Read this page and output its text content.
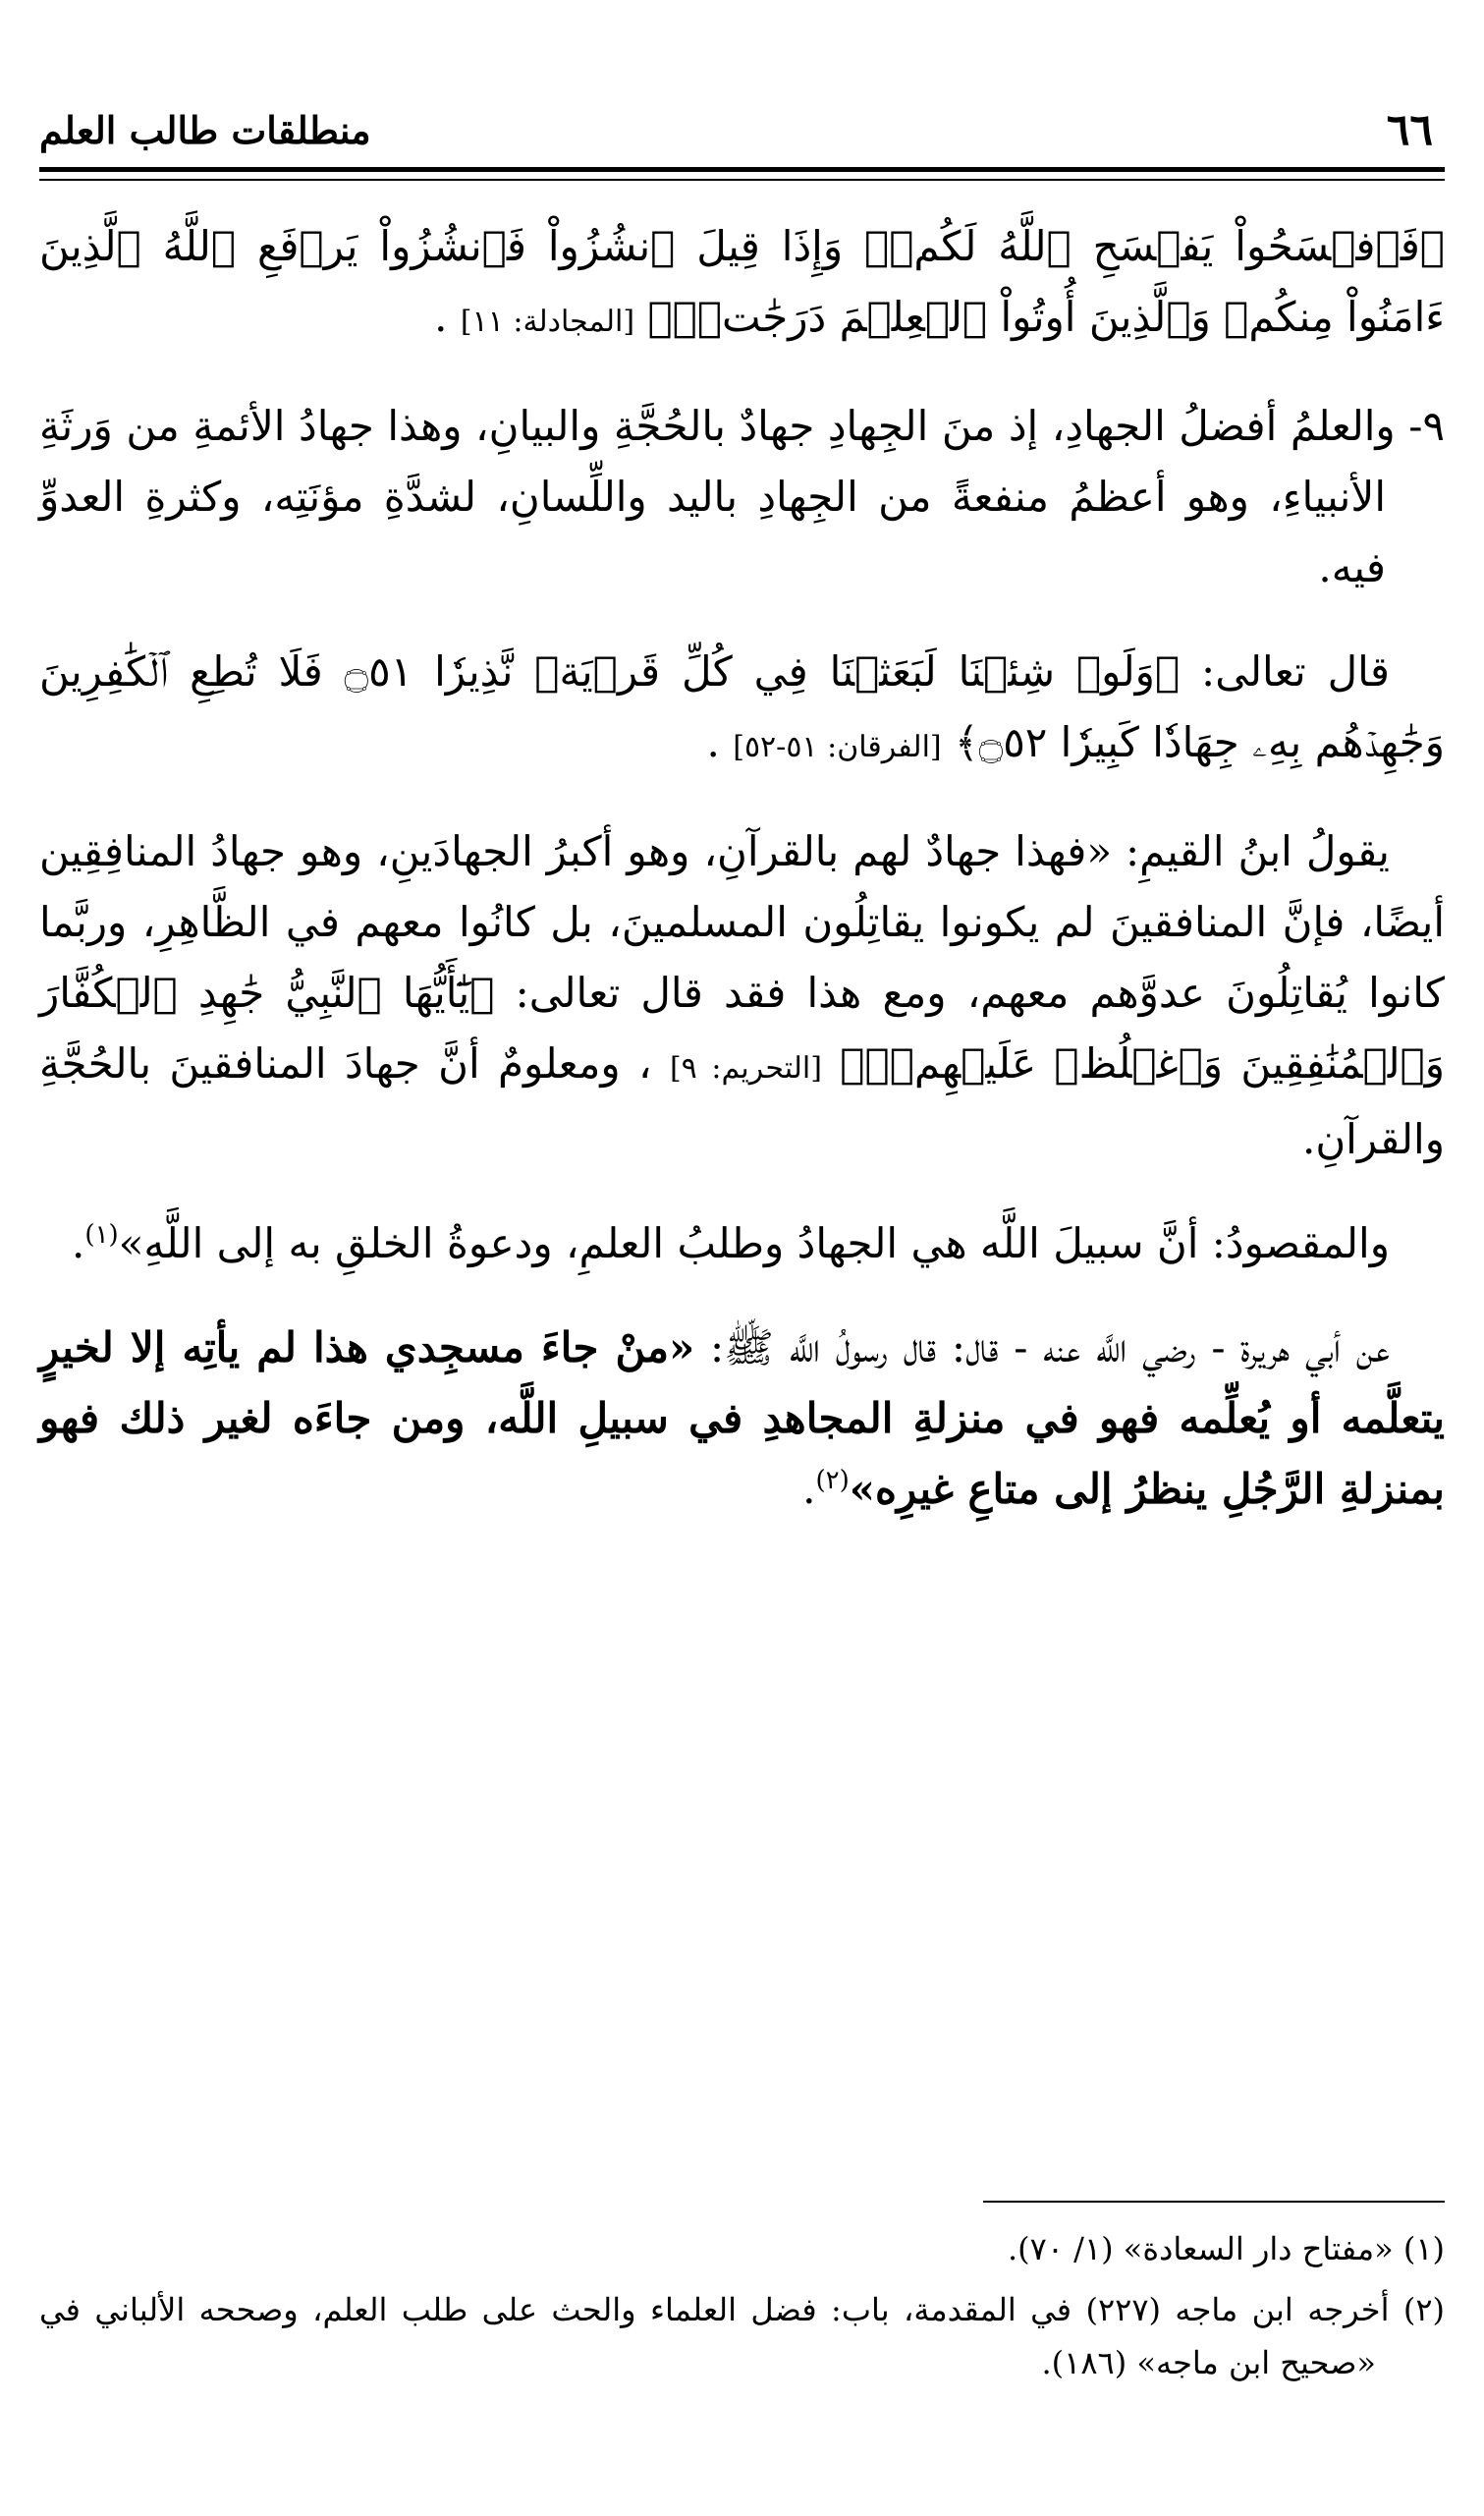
٦٦
منطلقات طالب العلم

﴿فَٱفۡسَحُواْ يَفۡسَحِ ٱللَّهُ لَكُمۡۖ وَإِذَا قِيلَ ٱنشُزُواْ فَٱنشُزُواْ يَرۡفَعِ ٱللَّهُ ٱلَّذِينَ ءَامَنُواْ مِنكُمۡ وَٱلَّذِينَ أُوتُواْ ٱلۡعِلۡمَ دَرَجَٰتٖۚ﴾ [المجادلة: ١١] .

٩- والعلمُ أفضلُ الجهادِ، إذ منَ الجِهادِ جهادٌ بالحُجَّةِ والبيانِ، وهذا جهادُ الأئمةِ من وَرثَةِ الأنبياءِ، وهو أعظمُ منفعةً من الجِهادِ باليد واللِّسانِ، لشدَّةِ مؤنَتِه، وكثرةِ العدوِّ فيه.

قال تعالى: ﴿وَلَوۡ شِئۡنَا لَبَعَثۡنَا فِي كُلِّ قَرۡيَةٖ نَّذِيرٗا ۝٥١ فَلَا تُطِعِ ٱلۡكَٰفِرِينَ وَجَٰهِدۡهُم بِهِۦ جِهَادٗا كَبِيرٗا ۝٥٢﴾ [الفرقان: ٥١-٥٢] .

يقولُ ابنُ القيمِ: «فهذا جهادٌ لهم بالقرآنِ، وهو أكبرُ الجهادَينِ، وهو جهادُ المنافِقِين أيضًا، فإنَّ المنافقينَ لم يكونوا يقاتِلُون المسلمينَ، بل كانُوا معهم في الظَّاهِرِ، وربَّما كانوا يُقاتِلُونَ عدوَّهم معهم، ومع هذا فقد قال تعالى: ﴿يَٰٓأَيُّهَا ٱلنَّبِيُّ جَٰهِدِ ٱلۡكُفَّارَ وَٱلۡمُنَٰفِقِينَ وَٱغۡلُظۡ عَلَيۡهِمۡۚ﴾ [التحريم: ٩] ، ومعلومٌ أنَّ جهادَ المنافقينَ بالحُجَّةِ والقرآنِ.

والمقصودُ: أنَّ سبيلَ اللَّه هي الجهادُ وطلبُ العلمِ، ودعوةُ الخلقِ به إلى اللَّهِ»$^{(١)}$.

عن أبي هريرة - رضي اللَّه عنه - قال: قال رسولُ اللَّه ﷺ: «منْ جاءَ مسجِدي هذا لم يأتِه إلا لخيرٍ يتعلَّمه أو يُعلِّمه فهو في منزلةِ المجاهدِ في سبيلِ اللَّه، ومن جاءَه لغير ذلك فهو بمنزلةِ الرَّجُلِ ينظرُ إلى متاعِ غيرِه»$^{(٢)}$.

(١) «مفتاح دار السعادة» (١/ ٧٠).

(٢) أخرجه ابن ماجه (٢٢٧) في المقدمة، باب: فضل العلماء والحث على طلب العلم، وصححه الألباني في «صحيح ابن ماجه» (١٨٦).
